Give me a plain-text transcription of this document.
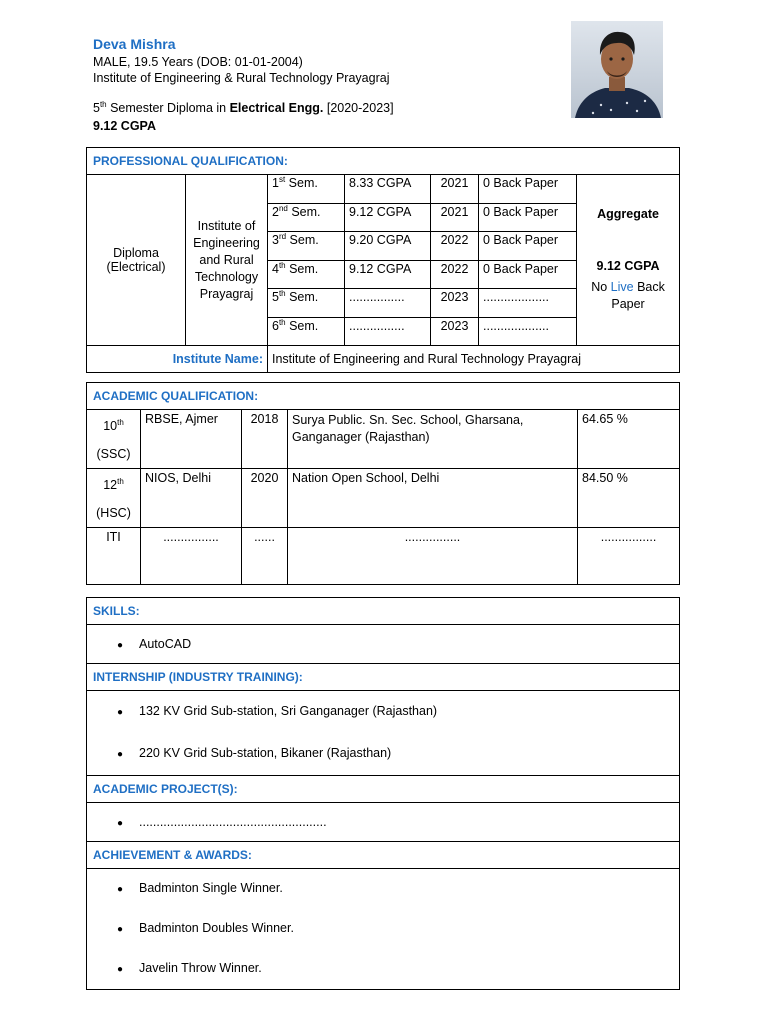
Deva Mishra
MALE, 19.5 Years (DOB: 01-01-2004)
Institute of Engineering & Rural Technology Prayagraj
5th Semester Diploma in Electrical Engg. [2020-2023]
9.12 CGPA
PROFESSIONAL QUALIFICATION:						
Diploma (Electrical)	Institute of Engineering and Rural Technology Prayagraj	1st Sem.	8.33 CGPA	2021	0 Back Paper	Aggregate
9.12 CGPA
No Live Back Paper

		2nd Sem.	9.12 CGPA	2021	0 Back Paper	
		3rd Sem.	9.20 CGPA	2022	0 Back Paper	
		4th Sem.	9.12 CGPA	2022	0 Back Paper	
		5th Sem.	................	2023	...................	
		6th Sem.	................	2023	...................	
Institute Name:		Institute of Engineering and Rural Technology Prayagraj				
ACADEMIC QUALIFICATION:				
10th
(SSC)	RBSE, Ajmer	2018	Surya Public. Sn. Sec. School, Gharsana, Ganganager (Rajasthan)	64.65 %
12th
(HSC)	NIOS, Delhi	2020	Nation Open School, Delhi	84.50 %
ITI	................	......	................	................
SKILLS:
● AutoCAD
INTERNSHIP (INDUSTRY TRAINING):

● 132 KV Grid Sub-station, Sri Ganganager (Rajasthan)
● 220 KV Grid Sub-station, Bikaner (Rajasthan)

ACADEMIC PROJECT(S):
● ......................................................
ACHIEVEMENT & AWARDS:

● Badminton Single Winner.
● Badminton Doubles Winner.
● Javelin Throw Winner.
